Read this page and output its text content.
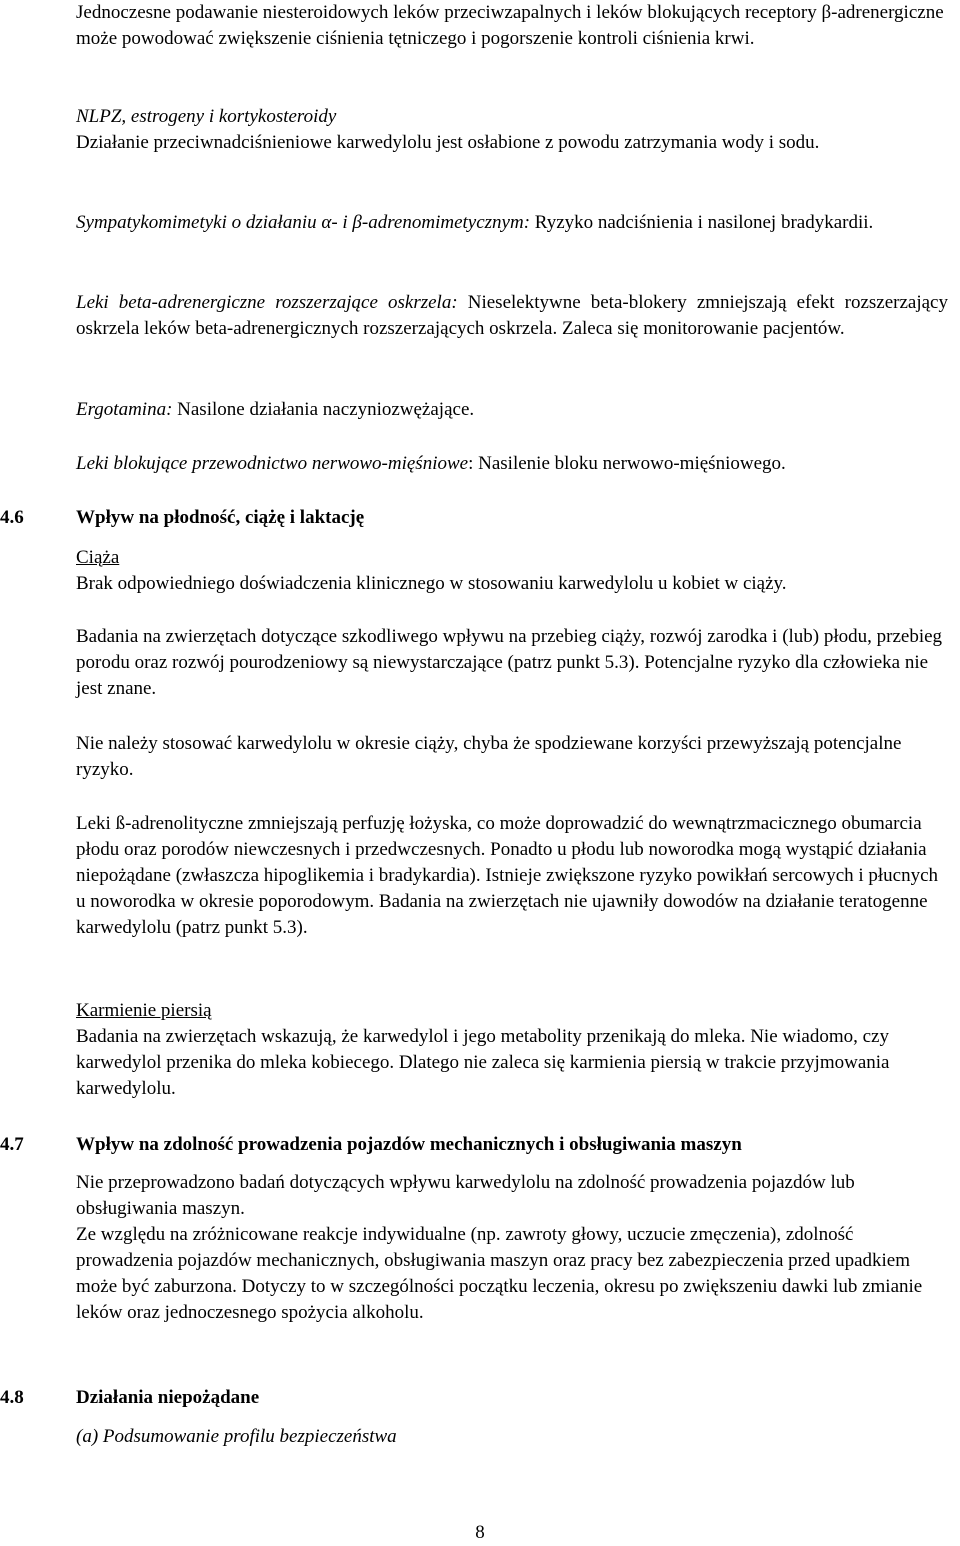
Jednoczesne podawanie niesteroidowych leków przeciwzapalnych i leków blokujących receptory β-adrenergiczne może powodować zwiększenie ciśnienia tętniczego i pogorszenie kontroli ciśnienia krwi.

NLPZ, estrogeny i kortykosteroidy

Działanie przeciwnadciśnieniowe karwedylolu jest osłabione z powodu zatrzymania wody i sodu.

Sympatykomimetyki o działaniu α- i β-adrenomimetycznym: Ryzyko nadciśnienia i nasilonej bradykardii.

Leki beta-adrenergiczne rozszerzające oskrzela: Nieselektywne beta-blokery zmniejszają efekt rozszerzający oskrzela leków beta-adrenergicznych rozszerzających oskrzela. Zaleca się monitorowanie pacjentów.

Ergotamina: Nasilone działania naczyniozwężające.

Leki blokujące przewodnictwo nerwowo-mięśniowe: Nasilenie bloku nerwowo-mięśniowego.

4.6	Wpływ na płodność, ciążę i laktację

Ciąża

Brak odpowiedniego doświadczenia klinicznego w stosowaniu karwedylolu u kobiet w ciąży.

Badania na zwierzętach dotyczące szkodliwego wpływu na przebieg ciąży, rozwój zarodka i (lub) płodu, przebieg porodu oraz rozwój pourodzeniowy są niewystarczające (patrz punkt 5.3). Potencjalne ryzyko dla człowieka nie jest znane.

Nie należy stosować karwedylolu w okresie ciąży, chyba że spodziewane korzyści przewyższają potencjalne ryzyko.

Leki ß-adrenolityczne zmniejszają perfuzję łożyska, co może doprowadzić do wewnątrzmacicznego obumarcia płodu oraz porodów niewczesnych i przedwczesnych. Ponadto u płodu lub noworodka mogą wystąpić działania niepożądane (zwłaszcza hipoglikemia i bradykardia). Istnieje zwiększone ryzyko powikłań sercowych i płucnych u noworodka w okresie poporodowym. Badania na zwierzętach nie ujawniły dowodów na działanie teratogenne karwedylolu (patrz punkt 5.3).

Karmienie piersią

Badania na zwierzętach wskazują, że karwedylol i jego metabolity przenikają do mleka. Nie wiadomo, czy karwedylol przenika do mleka kobiecego. Dlatego nie zaleca się karmienia piersią w trakcie przyjmowania karwedylolu.

4.7	Wpływ na zdolność prowadzenia pojazdów mechanicznych i obsługiwania maszyn

Nie przeprowadzono badań dotyczących wpływu karwedylolu na zdolność prowadzenia pojazdów lub obsługiwania maszyn.

Ze względu na zróżnicowane reakcje indywidualne (np. zawroty głowy, uczucie zmęczenia), zdolność prowadzenia pojazdów mechanicznych, obsługiwania maszyn oraz pracy bez zabezpieczenia przed upadkiem może być zaburzona. Dotyczy to w szczególności początku leczenia, okresu po zwiększeniu dawki lub zmianie leków oraz jednoczesnego spożycia alkoholu.

4.8	Działania niepożądane

(a) Podsumowanie profilu bezpieczeństwa

8
